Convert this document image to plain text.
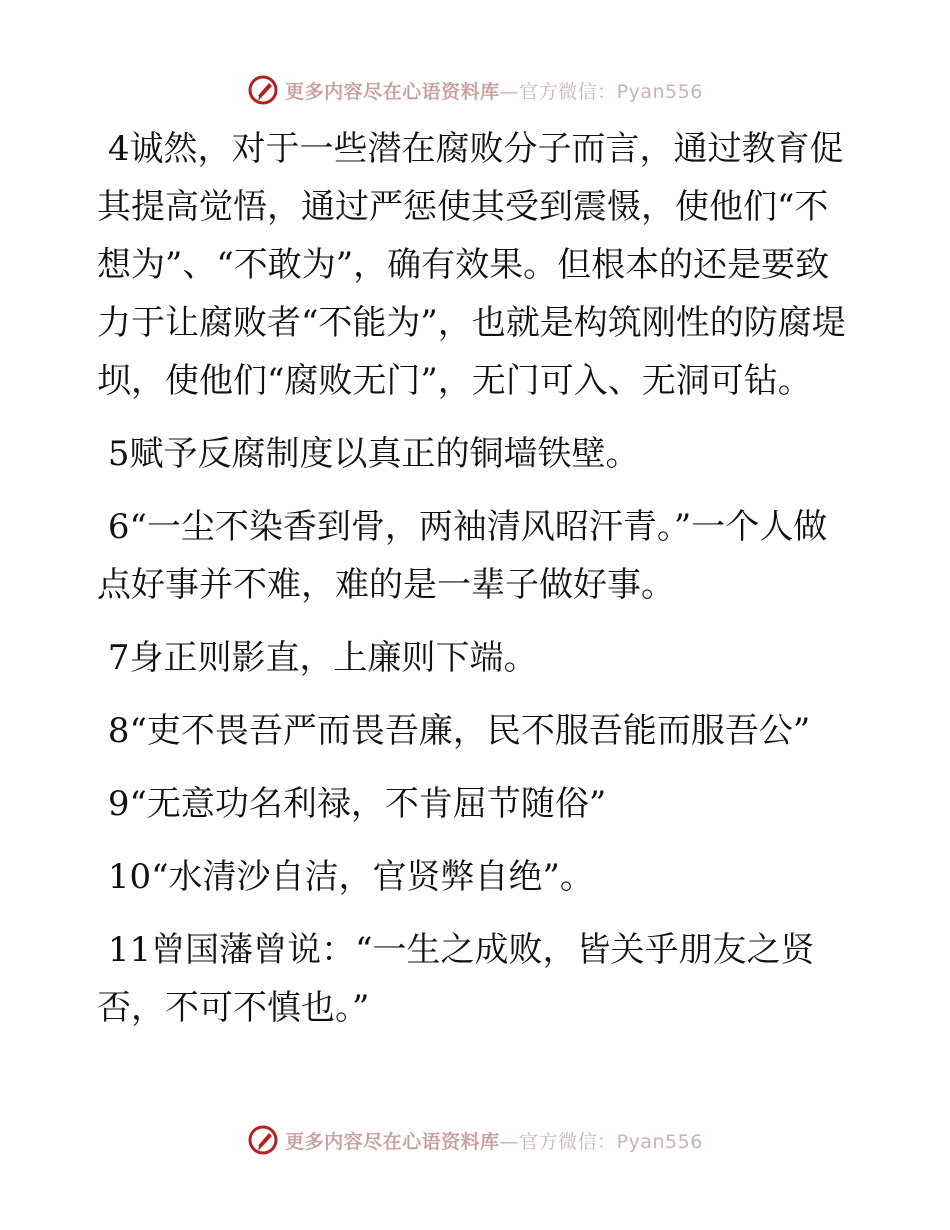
更多内容尽在心语资料库—官方微信：Pyan556

4诚然，对于一些潜在腐败分子而言，通过教育促其提高觉悟，通过严惩使其受到震慑，使他们“不想为”、“不敢为”，确有效果。但根本的还是要致力于让腐败者“不能为”，也就是构筑刚性的防腐堤坝，使他们“腐败无门”，无门可入、无洞可钻。

5赋予反腐制度以真正的铜墙铁壁。

6“一尘不染香到骨，两袖清风昭汗青。”一个人做点好事并不难，难的是一辈子做好事。

7身正则影直，上廉则下端。

8“吏不畏吾严而畏吾廉，民不服吾能而服吾公”

9“无意功名利禄，不肯屈节随俗”

10“水清沙自洁，官贤弊自绝”。

11曾国藩曾说：“一生之成败，皆关乎朋友之贤否，不可不慎也。”

更多内容尽在心语资料库—官方微信：Pyan556
